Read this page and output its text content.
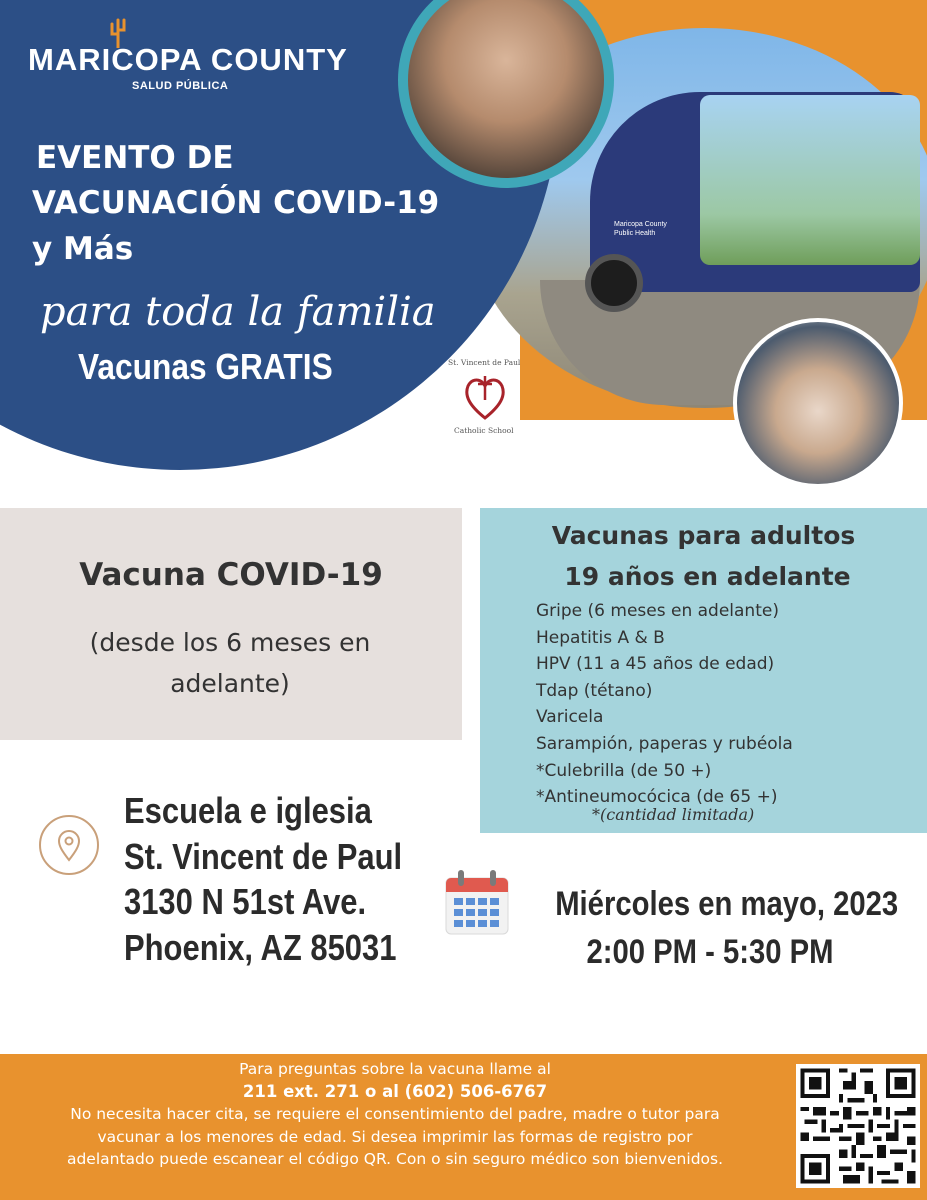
Maricopa County
Public Health
MARICOPA COUNTY
SALUD PÚBLICA
EVENTO DE
VACUNACIÓN COVID-19
y Más
para toda la familia
Vacunas GRATIS	St. Vincent de Paul
Catholic School
Vacuna COVID-19
(desde los 6 meses en adelante)
Vacunas para adultos
19 años en adelante
Gripe (6 meses en adelante)
Hepatitis A & B
HPV (11 a 45 años de edad)
Tdap (tétano)
Varicela
Sarampión, paperas y rubéola
*Culebrilla (de 50 +)
*Antineumocócica (de 65 +)
*(cantidad limitada)
Escuela e iglesia
St. Vincent de Paul
3130 N 51st Ave.
Phoenix, AZ 85031
Miércoles en mayo, 2023
2:00 PM - 5:30 PM
Para preguntas sobre la vacuna llame al
211 ext. 271 o al (602) 506-6767
No necesita hacer cita, se requiere el consentimiento del padre, madre o tutor para
vacunar a los menores de edad. Si desea imprimir las formas de registro por
adelantado puede escanear el código QR. Con o sin seguro médico son bienvenidos.
